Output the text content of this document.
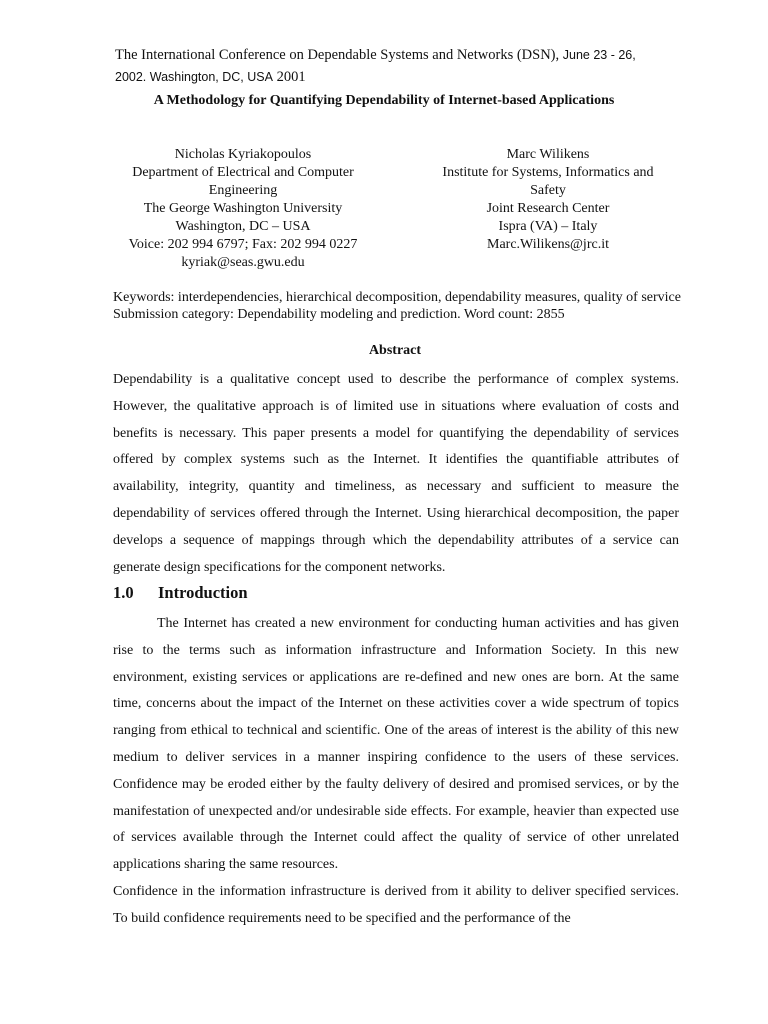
The International Conference on Dependable Systems and Networks (DSN), June 23 - 26,
2002. Washington, DC, USA 2001
A Methodology for Quantifying Dependability of Internet-based Applications
Nicholas Kyriakopoulos
Department of Electrical and Computer
Engineering
The George Washington University
Washington, DC – USA
Voice: 202 994 6797; Fax: 202 994 0227
kyriak@seas.gwu.edu
Marc Wilikens
Institute for Systems, Informatics and
Safety
Joint Research Center
Ispra (VA) – Italy
Marc.Wilikens@jrc.it
Keywords: interdependencies, hierarchical decomposition, dependability measures, quality of service
Submission category: Dependability modeling and prediction. Word count: 2855
Abstract

Dependability is a qualitative concept used to describe the performance of complex systems. However, the qualitative approach is of limited use in situations where evaluation of costs and benefits is necessary. This paper presents a model for quantifying the dependability of services offered by complex systems such as the Internet. It identifies the quantifiable attributes of availability, integrity, quantity and timeliness, as necessary and sufficient to measure the dependability of services offered through the Internet. Using hierarchical decomposition, the paper develops a sequence of mappings through which the dependability attributes of a service can generate design specifications for the component networks.

1.0 Introduction

The Internet has created a new environment for conducting human activities and has given rise to the terms such as information infrastructure and Information Society. In this new environment, existing services or applications are re-defined and new ones are born. At the same time, concerns about the impact of the Internet on these activities cover a wide spectrum of topics ranging from ethical to technical and scientific. One of the areas of interest is the ability of this new medium to deliver services in a manner inspiring confidence to the users of these services. Confidence may be eroded either by the faulty delivery of desired and promised services, or by the manifestation of unexpected and/or undesirable side effects. For example, heavier than expected use of services available through the Internet could affect the quality of service of other unrelated applications sharing the same resources.

Confidence in the information infrastructure is derived from it ability to deliver specified services. To build confidence requirements need to be specified and the performance of the
